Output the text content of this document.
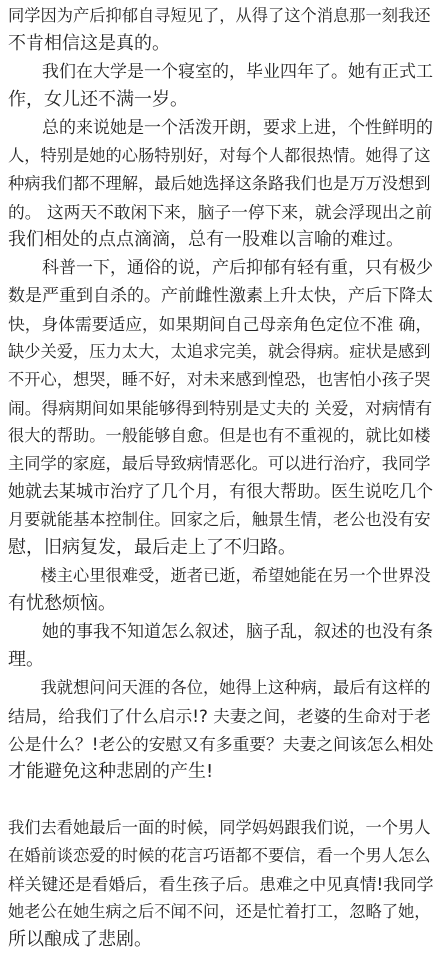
同学因为产后抑郁自寻短见了，从得了这个消息那一刻我还
不肯相信这是真的。
　　我们在大学是一个寝室的，毕业四年了。她有正式工
作，女儿还不满一岁。
　　总的来说她是一个活泼开朗，要求上进，个性鲜明的
人，特别是她的心肠特别好，对每个人都很热情。她得了这
种病我们都不理解，最后她选择这条路我们也是万万没想到
的。 这两天不敢闲下来，脑子一停下来，就会浮现出之前
我们相处的点点滴滴，总有一股难以言喻的难过。
　　科普一下，通俗的说，产后抑郁有轻有重，只有极少
数是严重到自杀的。产前雌性激素上升太快，产后下降太
快，身体需要适应，如果期间自己母亲角色定位不准 确，
缺少关爱，压力太大，太追求完美，就会得病。症状是感到
不开心，想哭，睡不好，对未来感到惶恐，也害怕小孩子哭
闹。得病期间如果能够得到特别是丈夫的 关爱，对病情有
很大的帮助。一般能够自愈。但是也有不重视的，就比如楼
主同学的家庭，最后导致病情恶化。可以进行治疗，我同学
她就去某城市治疗了几个月，有很大帮助。医生说吃几个
月要就能基本控制住。回家之后，触景生情，老公也没有安
慰，旧病复发，最后走上了不归路。
　　楼主心里很难受，逝者已逝，希望她能在另一个世界没
有忧愁烦恼。
　　她的事我不知道怎么叙述，脑子乱，叙述的也没有条
理。
　　我就想问问天涯的各位，她得上这种病，最后有这样的
结局，给我们了什么启示!? 夫妻之间，老婆的生命对于老
公是什么？!老公的安慰又有多重要？夫妻之间该怎么相处
才能避免这种悲剧的产生!
我们去看她最后一面的时候，同学妈妈跟我们说，一个男人
在婚前谈恋爱的时候的花言巧语都不要信，看一个男人怎么
样关键还是看婚后，看生孩子后。患难之中见真情!我同学
她老公在她生病之后不闻不问，还是忙着打工，忽略了她，
所以酿成了悲剧。
